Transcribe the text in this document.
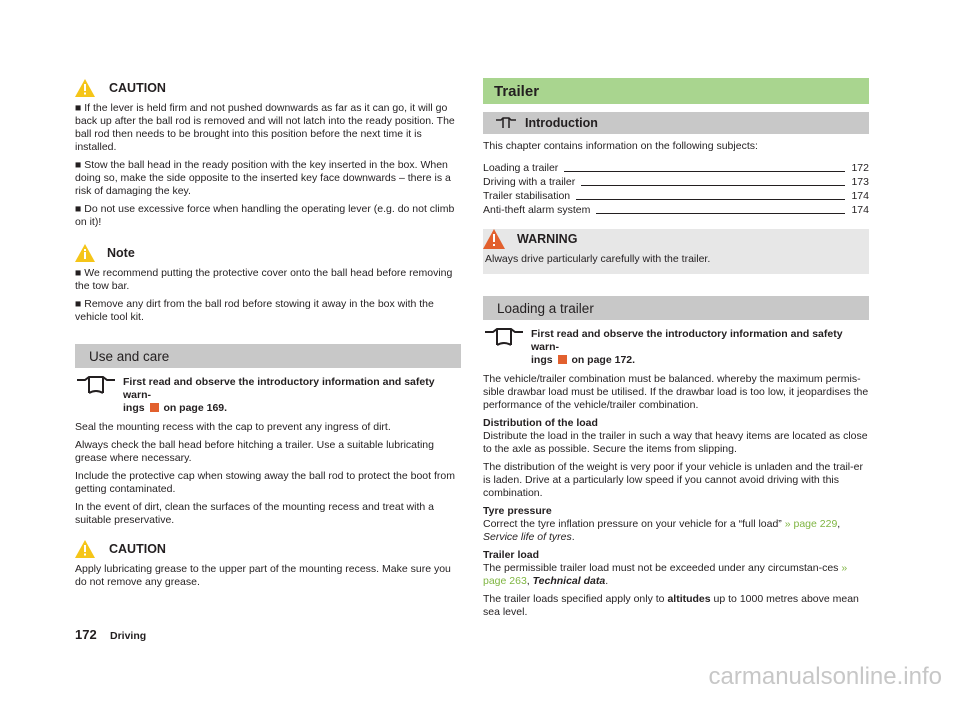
CAUTION

■ If the lever is held firm and not pushed downwards as far as it can go, it will go back up after the ball rod is removed and will not latch into the ready position. The ball rod then needs to be brought into this position before the next time it is installed.

■ Stow the ball head in the ready position with the key inserted in the box. When doing so, make the side opposite to the inserted key face downwards – there is a risk of damaging the key.

■ Do not use excessive force when handling the operating lever (e.g. do not climb on it)!

Note

■ We recommend putting the protective cover onto the ball head before removing the tow bar.

■ Remove any dirt from the ball rod before stowing it away in the box with the vehicle tool kit.

Use and care
First read and observe the introductory information and safety warn-
ings on page 169.

Seal the mounting recess with the cap to prevent any ingress of dirt.

Always check the ball head before hitching a trailer. Use a suitable lubricating grease where necessary.

Include the protective cap when stowing away the ball rod to protect the boot from getting contaminated.

In the event of dirt, clean the surfaces of the mounting recess and treat with a suitable preservative.

CAUTION

Apply lubricating grease to the upper part of the mounting recess. Make sure you do not remove any grease.

Trailer
Introduction

This chapter contains information on the following subjects:

Loading a trailer	172
Driving with a trailer	173
Trailer stabilisation	174
Anti-theft alarm system	174
WARNING
Always drive particularly carefully with the trailer.
Loading a trailer
First read and observe the introductory information and safety warn-
ings on page 172.

The vehicle/trailer combination must be balanced. whereby the maximum permis-sible drawbar load must be utilised. If the drawbar load is too low, it jeopardises the performance of the vehicle/trailer combination.

Distribution of the load
Distribute the load in the trailer in such a way that heavy items are located as close to the axle as possible. Secure the items from slipping.

The distribution of the weight is very poor if your vehicle is unladen and the trail-er is laden. Drive at a particularly low speed if you cannot avoid driving with this combination.

Tyre pressure
Correct the tyre inflation pressure on your vehicle for a “full load” » page 229, Service life of tyres.

Trailer load
The permissible trailer load must not be exceeded under any circumstan-ces » page 263, Technical data.

The trailer loads specified apply only to altitudes up to 1000 metres above mean sea level.

172 Driving
carmanualsonline.info
